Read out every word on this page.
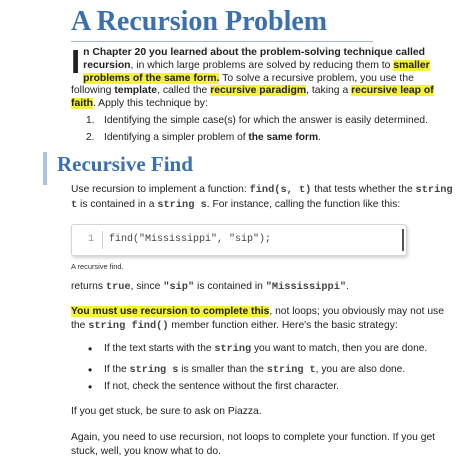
A Recursion Problem
In Chapter 20 you learned about the problem-solving technique called recursion, in which large problems are solved by reducing them to smaller problems of the same form. To solve a recursive problem, you use the following template, called the recursive paradigm, taking a recursive leap of faith. Apply this technique by:
1. Identifying the simple case(s) for which the answer is easily determined.
2. Identifying a simpler problem of the same form.
Recursive Find
Use recursion to implement a function: find(s, t) that tests whether the string t is contained in a string s. For instance, calling the function like this:
1 find("Mississippi", "sip");
A recursive find.
returns true, since "sip" is contained in "Mississippi".
You must use recursion to complete this, not loops; you obviously may not use the string find() member function either. Here's the basic strategy:
• If the text starts with the string you want to match, then you are done.
• If the string s is smaller than the string t, you are also done.
• If not, check the sentence without the first character.
If you get stuck, be sure to ask on Piazza.
Again, you need to use recursion, not loops to complete your function. If you get stuck, well, you know what to do.
